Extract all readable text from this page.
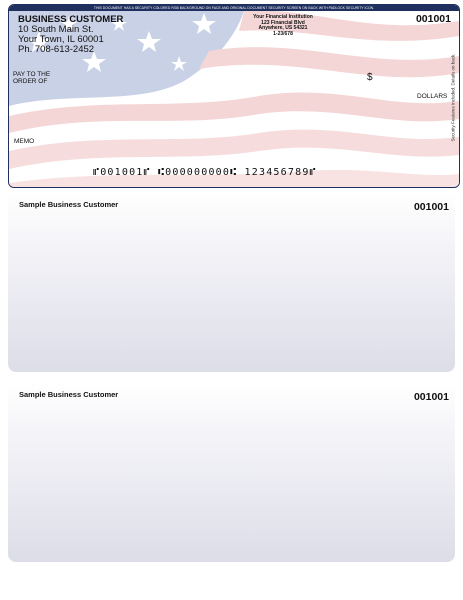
THIS DOCUMENT HAS A SECURITY COLORED RGB BACKGROUND ON FACE AND ORIGINAL DOCUMENT SECURITY SCREEN ON BACK WITH PADLOCK SECURITY ICON.
BUSINESS CUSTOMER
10 South Main St.
Your Town, IL 60001
Ph. 708-613-2452
Your Financial Institution
123 Financial Blvd
Anywhere, US 54321
1-23/678
001001
PAY TO THE
ORDER OF	$
DOLLARS
MEMO
⑈001001⑈ ⑆000000000⑆ 123456789⑈
Security Features Included. Details on back.
Sample Business Customer	001001
Sample Business Customer	001001
